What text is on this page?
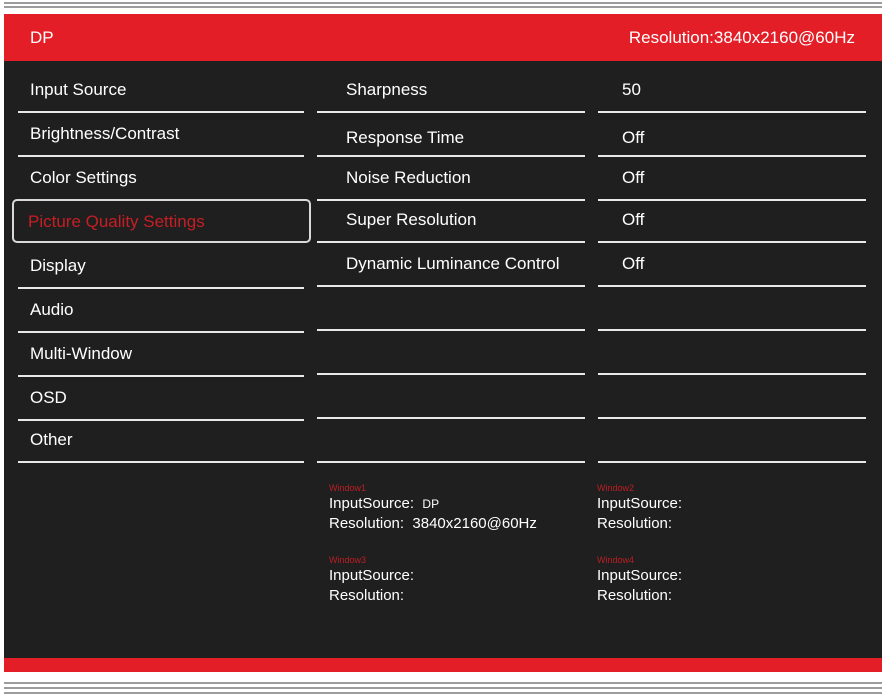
DP	Resolution:3840x2160@60Hz
Input Source
Brightness/Contrast
Color Settings
Display
Audio
Multi-Window
OSD
Other
Picture Quality Settings
Sharpness
Response Time
Noise Reduction
Super Resolution
Dynamic Luminance Control
50
Off
Off
Off
Off
Window1
InputSource: DP
Resolution: 3840x2160@60Hz
Window2
InputSource:
Resolution:
Window3
InputSource:
Resolution:
Window4
InputSource:
Resolution:
